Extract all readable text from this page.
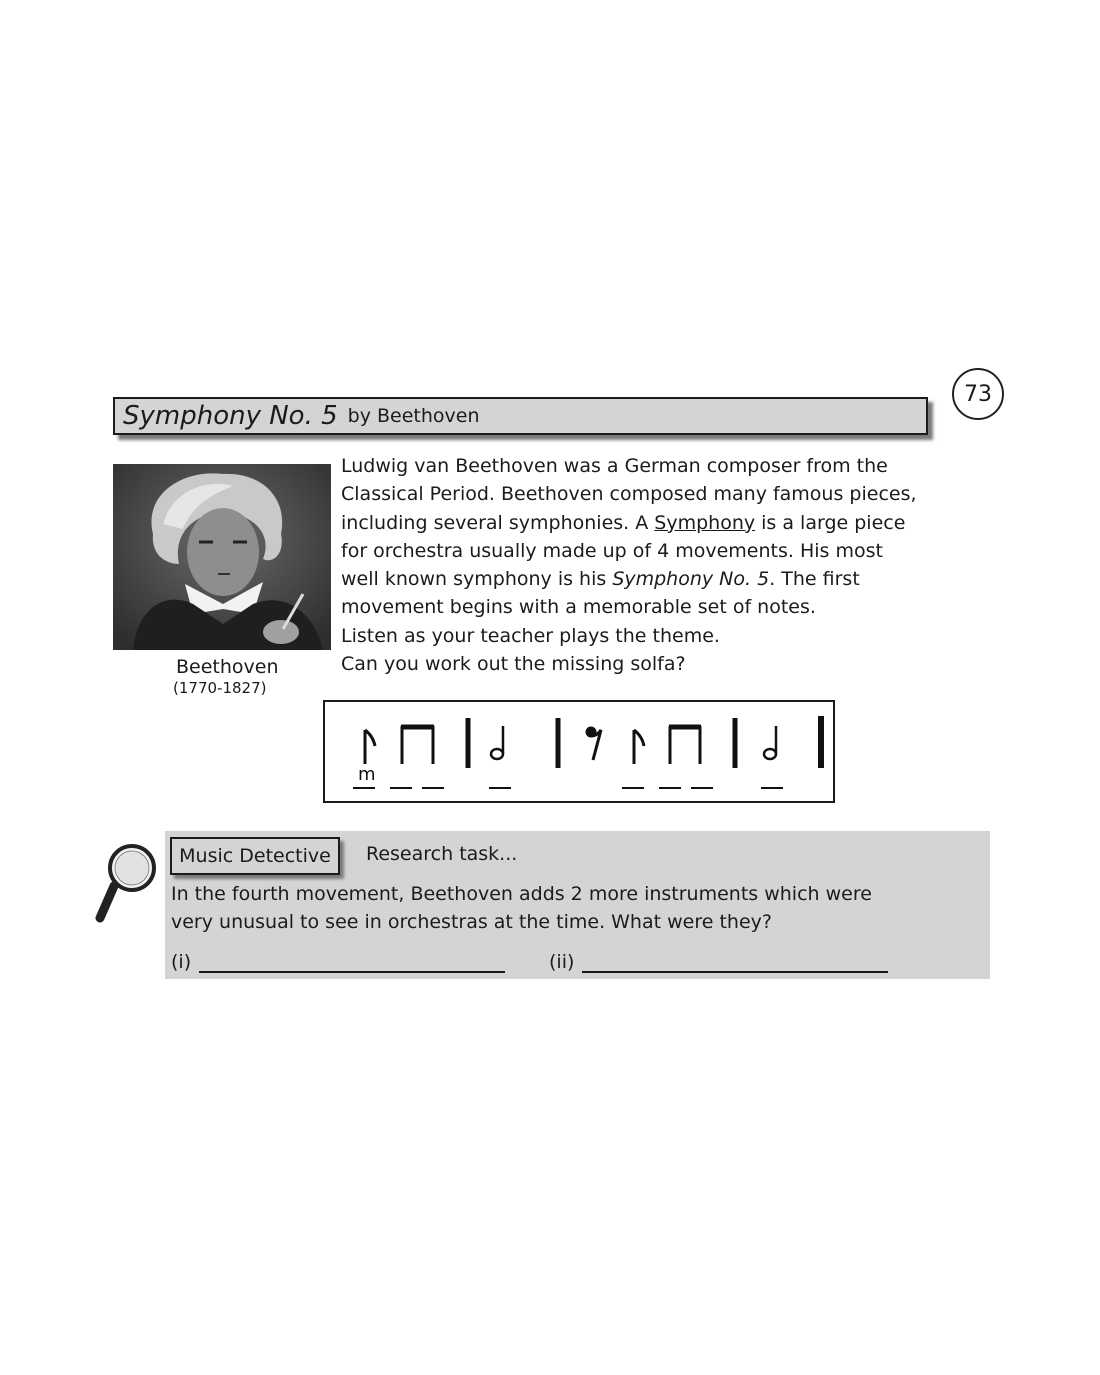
73
Symphony No. 5 by Beethoven
Beethoven
(1770-1827)

Ludwig van Beethoven was a German composer from the

Classical Period. Beethoven composed many famous pieces,

including several symphonies. A Symphony is a large piece

for orchestra usually made up of 4 movements. His most

well known symphony is his Symphony No. 5. The first

movement begins with a memorable set of notes.

Listen as your teacher plays the theme.

Can you work out the missing solfa?

m
Music Detective	Research task...

In the fourth movement, Beethoven adds 2 more instruments which were

very unusual to see in orchestras at the time. What were they?

(i)	(ii)
